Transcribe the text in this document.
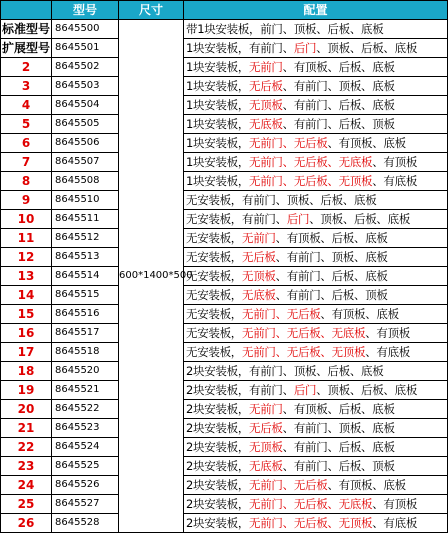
	型号	尺寸	配置
标准型号	8645500	600*1400*500	带1块安装板，前门、顶板、后板、底板
扩展型号	8645501		1块安装板，有前门、后门、顶板、后板、底板
2	8645502		1块安装板，无前门、有顶板、后板、底板
3	8645503		1块安装板，无后板、有前门、顶板、底板
4	8645504		1块安装板，无顶板、有前门、后板、底板
5	8645505		1块安装板，无底板、有前门、后板、顶板
6	8645506		1块安装板，无前门、无后板、有顶板、底板
7	8645507		1块安装板，无前门、无后板、无底板、有顶板
8	8645508		1块安装板，无前门、无后板、无顶板、有底板
9	8645510		无安装板，有前门、顶板、后板、底板
10	8645511		无安装板，有前门、后门、顶板、后板、底板
11	8645512		无安装板，无前门、有顶板、后板、底板
12	8645513		无安装板，无后板、有前门、顶板、底板
13	8645514		无安装板，无顶板、有前门、后板、底板
14	8645515		无安装板，无底板、有前门、后板、顶板
15	8645516		无安装板，无前门、无后板、有顶板、底板
16	8645517		无安装板，无前门、无后板、无底板、有顶板
17	8645518		无安装板，无前门、无后板、无顶板、有底板
18	8645520		2块安装板，有前门、顶板、后板、底板
19	8645521		2块安装板，有前门、后门、顶板、后板、底板
20	8645522		2块安装板，无前门、有顶板、后板、底板
21	8645523		2块安装板，无后板、有前门、顶板、底板
22	8645524		2块安装板，无顶板、有前门、后板、底板
23	8645525		2块安装板，无底板、有前门、后板、顶板
24	8645526		2块安装板，无前门、无后板、有顶板、底板
25	8645527		2块安装板，无前门、无后板、无底板、有顶板
26	8645528		2块安装板，无前门、无后板、无顶板、有底板
